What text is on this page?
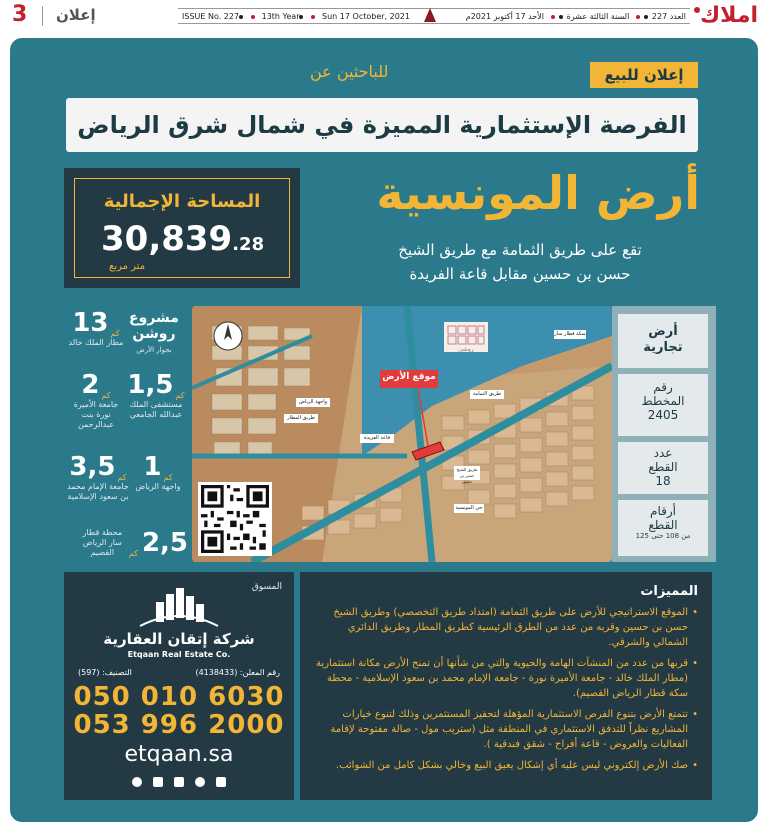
املاك
ISSUE No. 227	13th Year	Sun 17 October, 2021	العدد 227 السنة الثالثة عشرة الأحد 17 أكتوبر 2021م
3 إعلان
إعلان للبيع
للباحثين عن
الفرصة الإستثمارية المميزة في شمال شرق الرياض
المساحة الإجمالية
30,839.28
متر مربع
أرض المونسية
تقع على طريق الثمامة مع طريق الشيخ
حسن بن حسين مقابل قاعة الفريدة
مشروع روشن
بجوار الأرض
13 كم
مطار الملك خالد
2 كم
جامعة الأميرة نورة بنت عبدالرحمن
1,5 كم
مستشفى الملك عبدالله الجامعي
3,5 كم
جامعة الإمام محمد بن سعود الإسلامية
1 كم
واجهة الرياض
محطة قطار سار الرياض القصيم	كم 2,5
موقع الأرض
طريق الثمامة
قاعة الفريدة
واجهة الرياض
طريق المطار
حي المونسية
سكة قطار سار
طريق الشيخ حسن بن حسين
روشن
أرض
تجارية
رقم
المخطط
2405
عدد
القطع
18
أرقام
القطع
من 108 حتى 125
المسوق
شركة إتقان العقارية
Etqaan Real Estate Co.
رقم المعلن: (4138433)
التصنيف: (597)
050 010 6030
053 996 2000
etqaan.sa

المميزات
• الموقع الاستراتيجي للأرض على طريق الثمامة (امتداد طريق التخصصي) وطريق الشيخ حسن بن حسين وقربه من عدد من الطرق الرئيسية كطريق المطار وطريق الدائري الشمالي والشرقي.
• قربها من عدد من المنشآت الهامة والحيوية والتي من شأنها أن تمنح الأرض مكانة استثمارية (مطار الملك خالد - جامعة الأميرة نورة - جامعة الإمام محمد بن سعود الإسلامية - محطة سكة قطار الرياض القصيم).
• تتمتع الأرض بتنوع الفرص الاستثمارية المؤهلة لتحفيز المستثمرين وذلك لتنوع خيارات المشاريع نظراً للتدفق الاستثماري في المنطقة مثل (ستريب مول - صالة مفتوحة لإقامة الفعاليات والعروض - قاعة أفراح - شقق فندقية ).
• صك الأرض إلكتروني ليس عليه أي إشكال يعيق البيع وخالي بشكل كامل من الشوائب.
